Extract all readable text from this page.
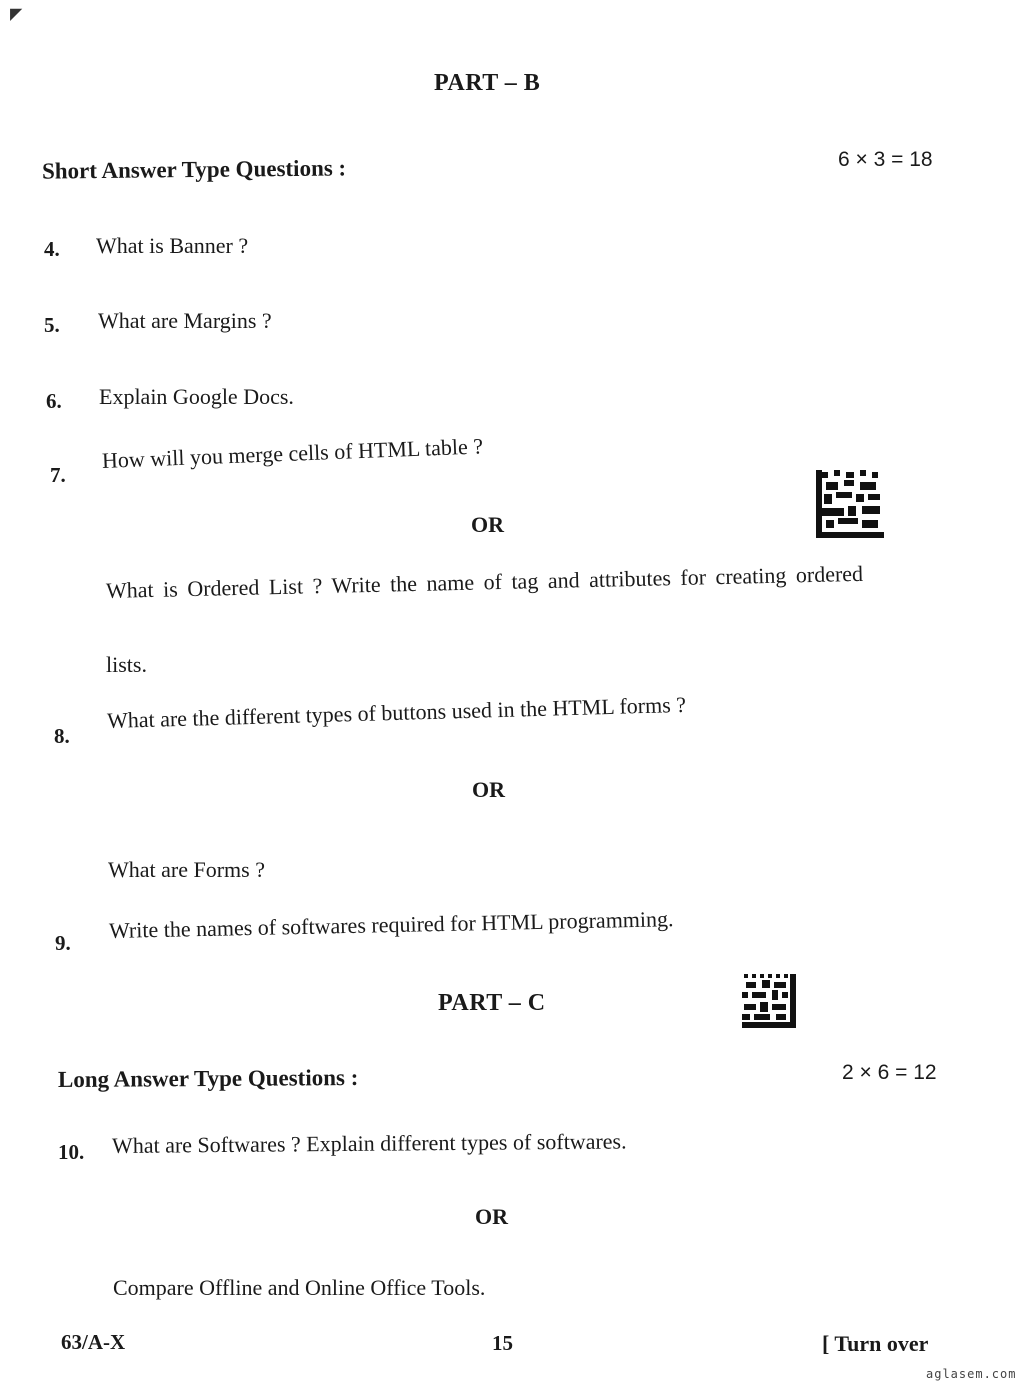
◤
PART – B
Short Answer Type Questions :	6 × 3 = 18
4. What is Banner ?
5. What are Margins ?
6. Explain Google Docs.
7.
How will you merge cells of HTML table ?
OR
What is Ordered List ? Write the name of tag and attributes for creating ordered
lists.
8.
What are the different types of buttons used in the HTML forms ?
OR
What are Forms ?
9.
Write the names of softwares required for HTML programming.
PART – C
Long Answer Type Questions :	2 × 6 = 12
10. What are Softwares ? Explain different types of softwares.
OR
Compare Offline and Online Office Tools.
63/A-X	15	[ Turn over
aglasem.com
